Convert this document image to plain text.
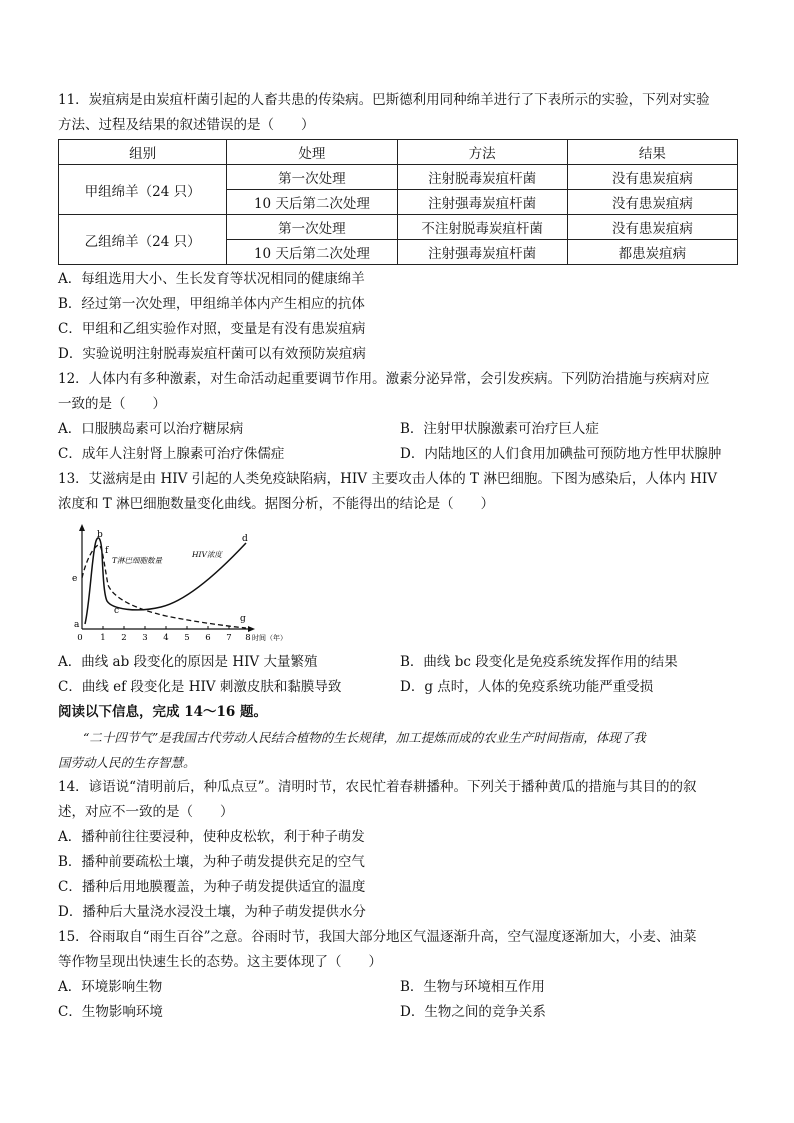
11．炭疽病是由炭疽杆菌引起的人畜共患的传染病。巴斯德利用同种绵羊进行了下表所示的实验，下列对实验
方法、过程及结果的叙述错误的是（　　）
组别	处理	方法	结果
甲组绵羊（24 只）	第一次处理	注射脱毒炭疽杆菌	没有患炭疽病
	10 天后第二次处理	注射强毒炭疽杆菌	没有患炭疽病
乙组绵羊（24 只）	第一次处理	不注射脱毒炭疽杆菌	没有患炭疽病
	10 天后第二次处理	注射强毒炭疽杆菌	都患炭疽病
A．每组选用大小、生长发育等状况相同的健康绵羊
B．经过第一次处理，甲组绵羊体内产生相应的抗体
C．甲组和乙组实验作对照，变量是有没有患炭疽病
D．实验说明注射脱毒炭疽杆菌可以有效预防炭疽病
12．人体内有多种激素，对生命活动起重要调节作用。激素分泌异常，会引发疾病。下列防治措施与疾病对应
一致的是（　　）
A．口服胰岛素可以治疗糖尿病	B．注射甲状腺激素可治疗巨人症
C．成年人注射肾上腺素可治疗侏儒症	D．内陆地区的人们食用加碘盐可预防地方性甲状腺肿
13．艾滋病是由 HIV 引起的人类免疫缺陷病，HIV 主要攻击人体的 T 淋巴细胞。下图为感染后，人体内 HIV
浓度和 T 淋巴细胞数量变化曲线。据图分析，不能得出的结论是（　　）
0 1 2 3 4 5 6 7 8 时间（年）
a
b
c
d
e
f
g
T淋巴细胞数量
HIV浓度
A．曲线 ab 段变化的原因是 HIV 大量繁殖	B．曲线 bc 段变化是免疫系统发挥作用的结果
C．曲线 ef 段变化是 HIV 刺激皮肤和黏膜导致	D．g 点时，人体的免疫系统功能严重受损
阅读以下信息，完成 14～16 题。
　　“二十四节气”是我国古代劳动人民结合植物的生长规律，加工提炼而成的农业生产时间指南，体现了我
国劳动人民的生存智慧。
14．谚语说“清明前后，种瓜点豆”。清明时节，农民忙着春耕播种。下列关于播种黄瓜的措施与其目的的叙
述，对应不一致的是（　　）
A．播种前往往要浸种，使种皮松软，利于种子萌发
B．播种前要疏松土壤，为种子萌发提供充足的空气
C．播种后用地膜覆盖，为种子萌发提供适宜的温度
D．播种后大量浇水浸没土壤，为种子萌发提供水分
15．谷雨取自“雨生百谷”之意。谷雨时节，我国大部分地区气温逐渐升高，空气湿度逐渐加大，小麦、油菜
等作物呈现出快速生长的态势。这主要体现了（　　）
A．环境影响生物	B．生物与环境相互作用
C．生物影响环境	D．生物之间的竞争关系
